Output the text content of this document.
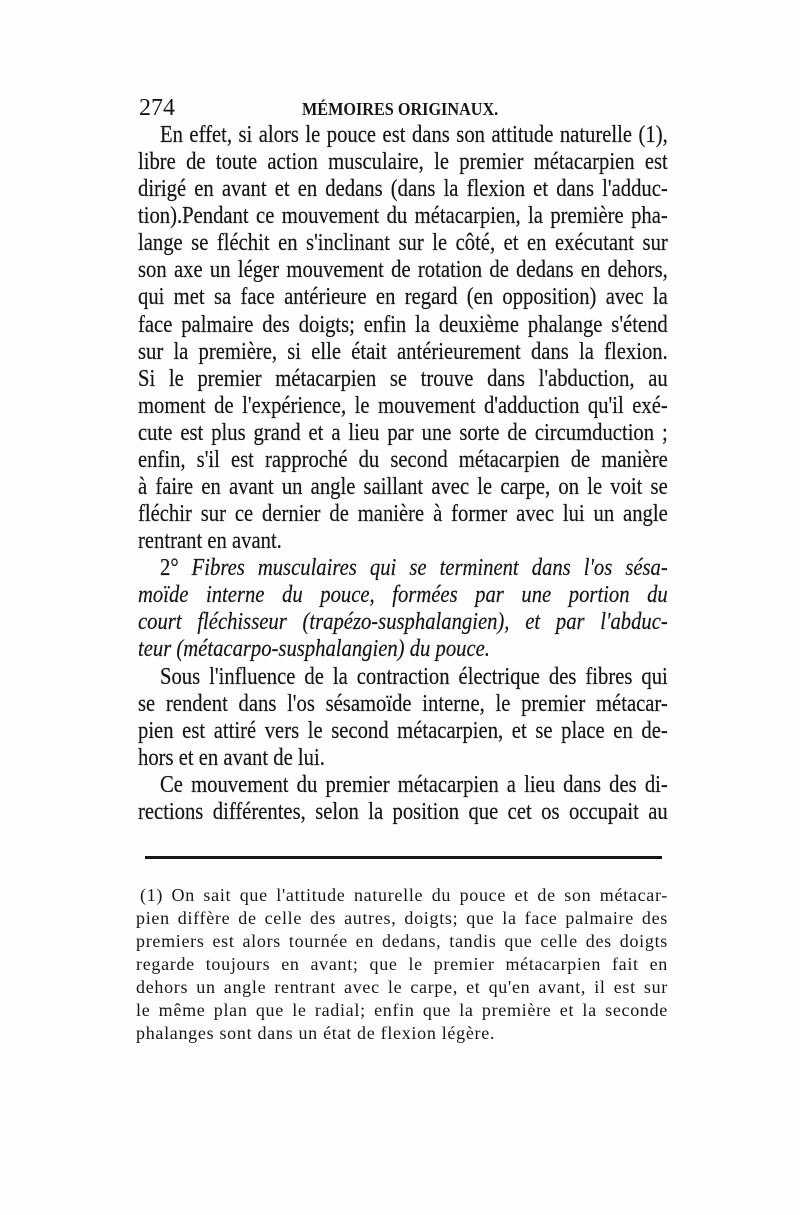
274	MÉMOIRES ORIGINAUX.
En effet, si alors le pouce est dans son attitude naturelle (1),
libre de toute action musculaire, le premier métacarpien est
dirigé en avant et en dedans (dans la flexion et dans l'adduc-
tion).Pendant ce mouvement du métacarpien, la première pha-
lange se fléchit en s'inclinant sur le côté, et en exécutant sur
son axe un léger mouvement de rotation de dedans en dehors,
qui met sa face antérieure en regard (en opposition) avec la
face palmaire des doigts; enfin la deuxième phalange s'étend
sur la première, si elle était antérieurement dans la flexion.
Si le premier métacarpien se trouve dans l'abduction, au
moment de l'expérience, le mouvement d'adduction qu'il exé-
cute est plus grand et a lieu par une sorte de circumduction ;
enfin, s'il est rapproché du second métacarpien de manière
à faire en avant un angle saillant avec le carpe, on le voit se
fléchir sur ce dernier de manière à former avec lui un angle
rentrant en avant.
2° Fibres musculaires qui se terminent dans l'os sésa-
moïde interne du pouce, formées par une portion du
court fléchisseur (trapézo-susphalangien), et par l'abduc-
teur (métacarpo-susphalangien) du pouce.
Sous l'influence de la contraction électrique des fibres qui
se rendent dans l'os sésamoïde interne, le premier métacar-
pien est attiré vers le second métacarpien, et se place en de-
hors et en avant de lui.
Ce mouvement du premier métacarpien a lieu dans des di-
rections différentes, selon la position que cet os occupait au
(1) On sait que l'attitude naturelle du pouce et de son métacar-
pien diffère de celle des autres, doigts; que la face palmaire des
premiers est alors tournée en dedans, tandis que celle des doigts
regarde toujours en avant; que le premier métacarpien fait en
dehors un angle rentrant avec le carpe, et qu'en avant, il est sur
le même plan que le radial; enfin que la première et la seconde
phalanges sont dans un état de flexion légère.
